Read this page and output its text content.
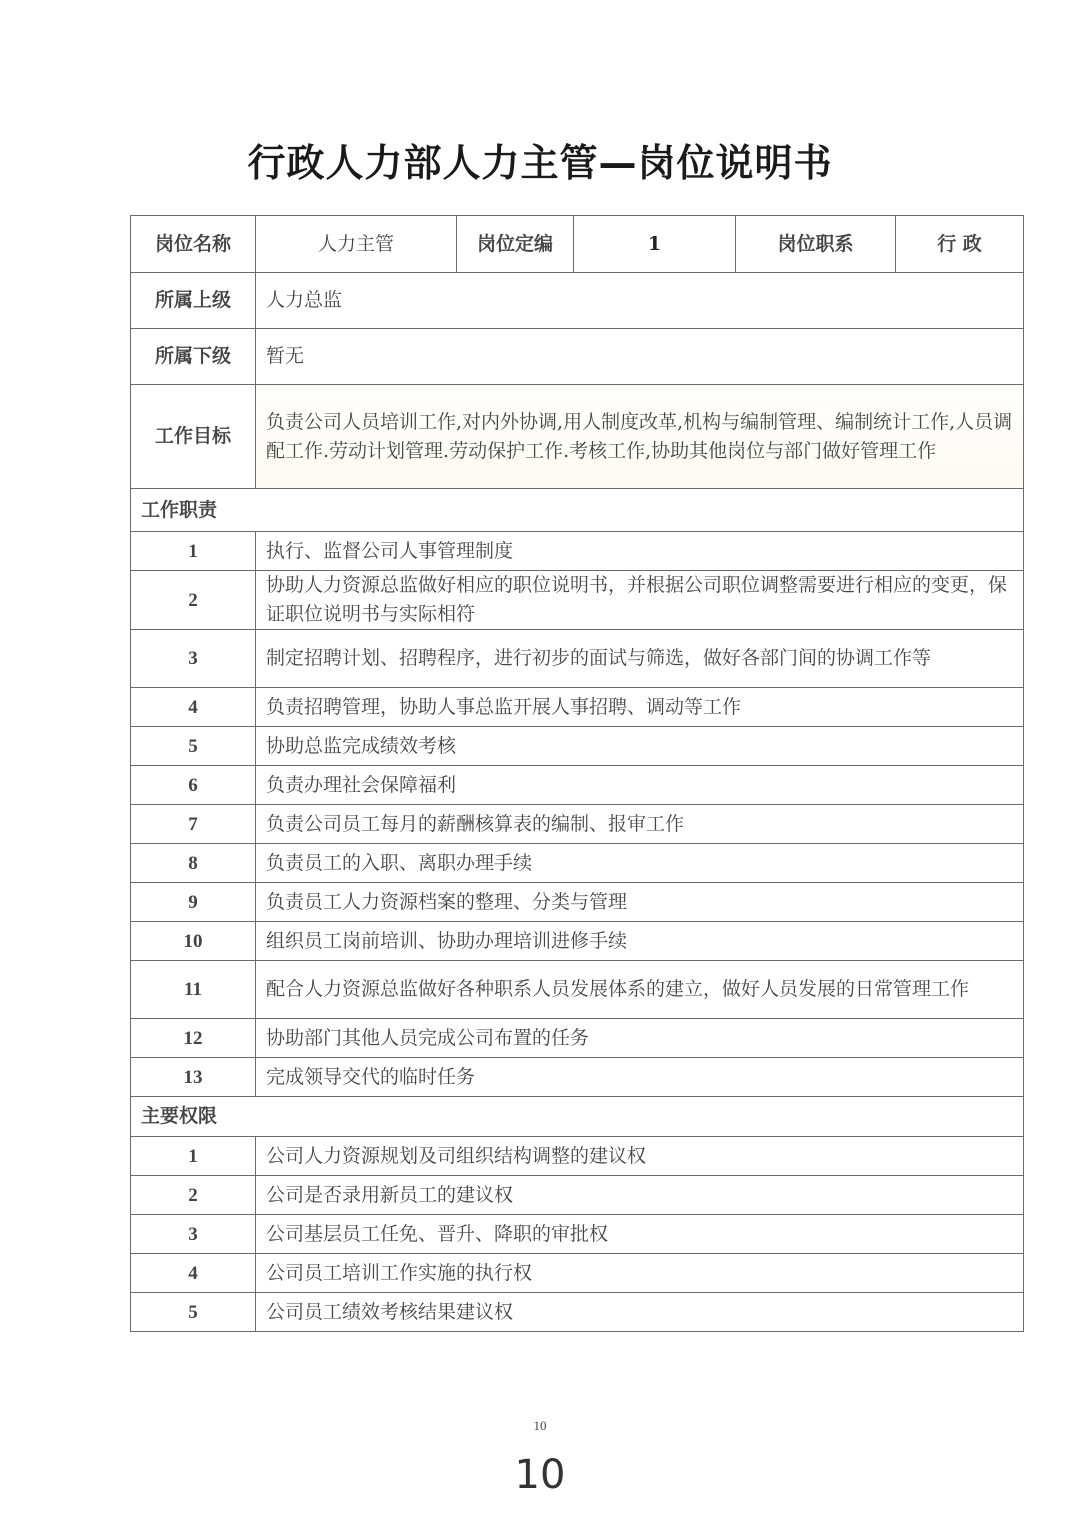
行政人力部人力主管—岗位说明书
岗位名称	人力主管	岗位定编	1	岗位职系	行 政
所属上级	人力总监				
所属下级	暂无				
工作目标	负责公司人员培训工作,对内外协调,用人制度改革,机构与编制管理、编制统计工作,人员调配工作.劳动计划管理.劳动保护工作.考核工作,协助其他岗位与部门做好管理工作				
工作职责					
1	执行、监督公司人事管理制度				
2	协助人力资源总监做好相应的职位说明书，并根据公司职位调整需要进行相应的变更，保证职位说明书与实际相符				
3	制定招聘计划、招聘程序，进行初步的面试与筛选，做好各部门间的协调工作等				
4	负责招聘管理，协助人事总监开展人事招聘、调动等工作				
5	协助总监完成绩效考核				
6	负责办理社会保障福利				
7	负责公司员工每月的薪酬核算表的编制、报审工作				
8	负责员工的入职、离职办理手续				
9	负责员工人力资源档案的整理、分类与管理				
10	组织员工岗前培训、协助办理培训进修手续				
11	配合人力资源总监做好各种职系人员发展体系的建立，做好人员发展的日常管理工作				
12	协助部门其他人员完成公司布置的任务				
13	完成领导交代的临时任务				
主要权限					
1	公司人力资源规划及司组织结构调整的建议权				
2	公司是否录用新员工的建议权				
3	公司基层员工任免、晋升、降职的审批权				
4	公司员工培训工作实施的执行权				
5	公司员工绩效考核结果建议权				
10
10
